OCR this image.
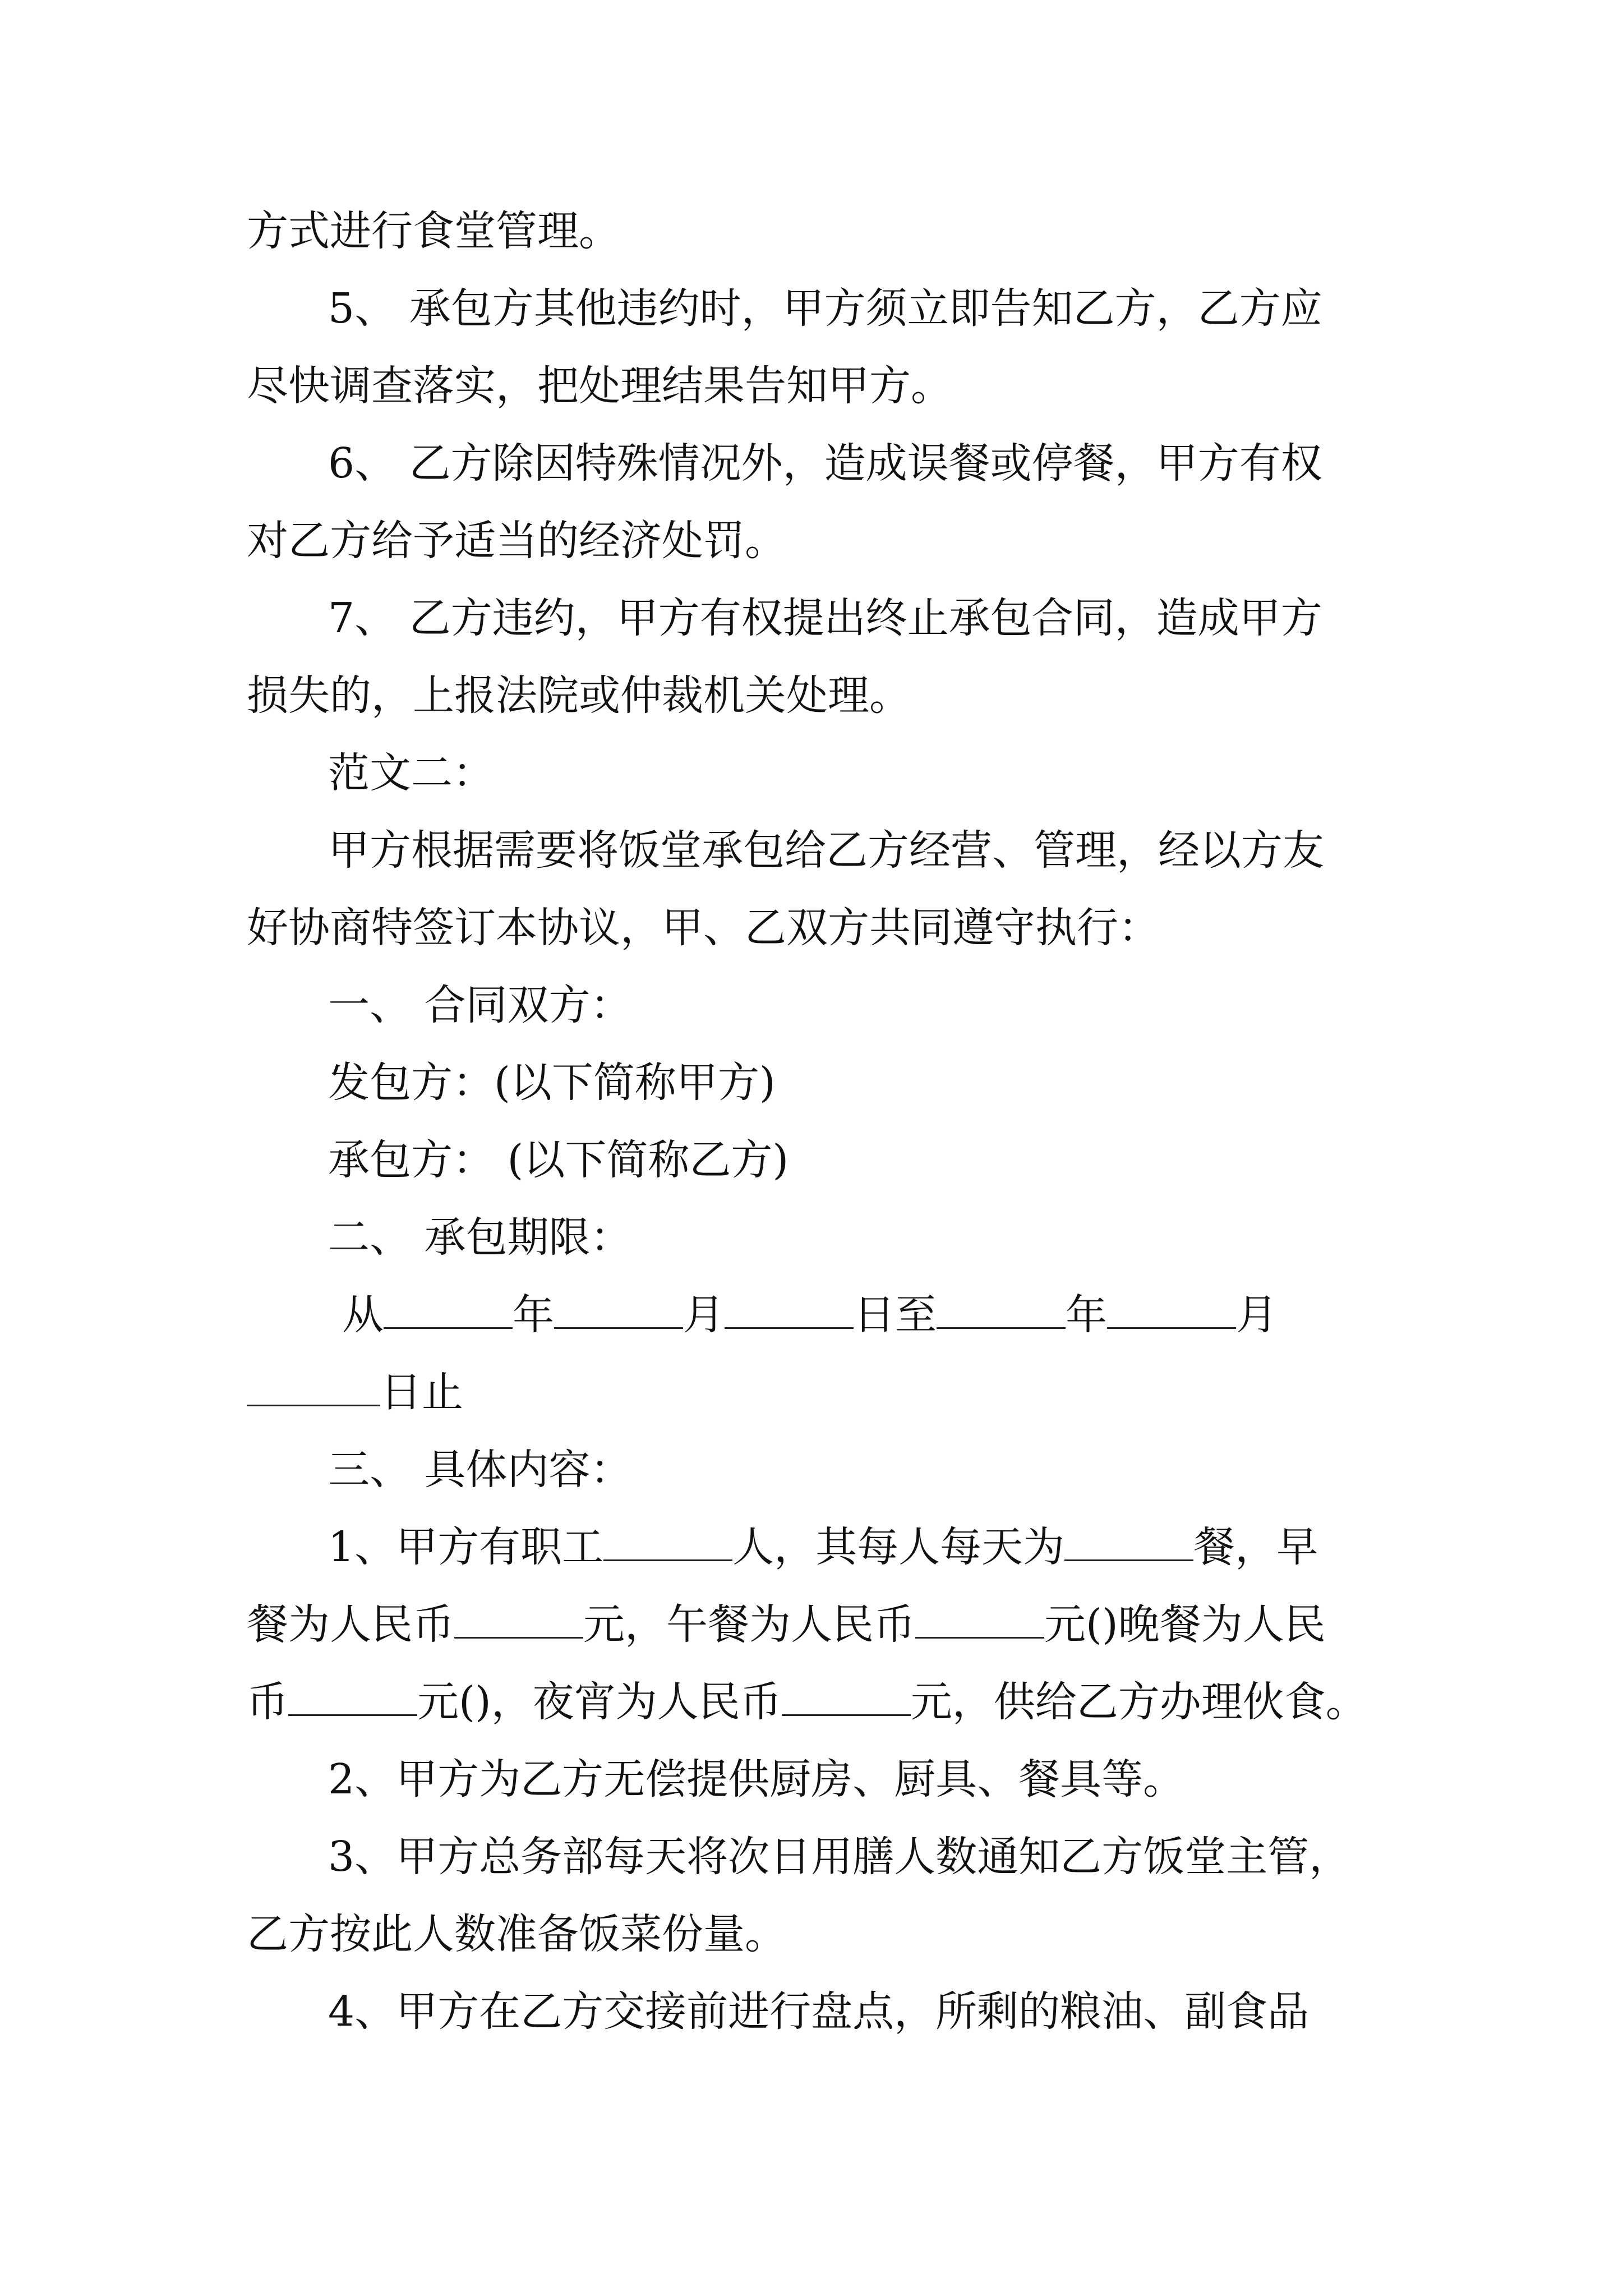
方式进行食堂管理。
5、 承包方其他违约时，甲方须立即告知乙方，乙方应
尽快调查落实，把处理结果告知甲方。
6、 乙方除因特殊情况外，造成误餐或停餐，甲方有权
对乙方给予适当的经济处罚。
7、 乙方违约，甲方有权提出终止承包合同，造成甲方
损失的，上报法院或仲裁机关处理。
范文二：
甲方根据需要将饭堂承包给乙方经营、管理，经以方友
好协商特签订本协议，甲、乙双方共同遵守执行：
一、 合同双方：
发包方：(以下简称甲方)
承包方： (以下简称乙方)
二、 承包期限：
从	年	月	日至	年	月
日止
三、 具体内容：
1、甲方有职工	人，其每人每天为	餐，早
餐为人民币	元，午餐为人民币	元()晚餐为人民
币	元()，夜宵为人民币	元，供给乙方办理伙食。
2、甲方为乙方无偿提供厨房、厨具、餐具等。
3、甲方总务部每天将次日用膳人数通知乙方饭堂主管，
乙方按此人数准备饭菜份量。
4、甲方在乙方交接前进行盘点，所剩的粮油、副食品
